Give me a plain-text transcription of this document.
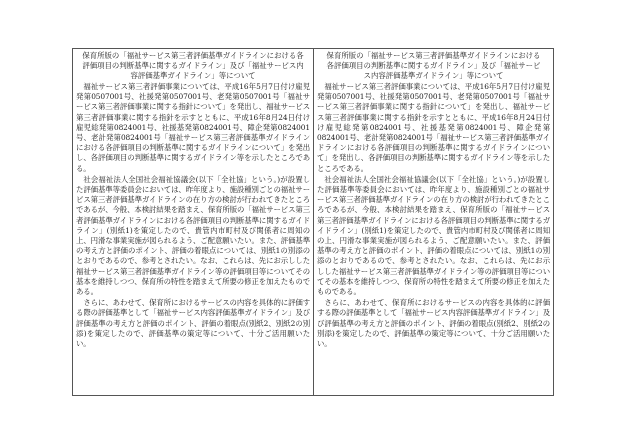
保育所版の「福祉サービス第三者評価基準ガイドラインにおける各評価項目の判断基準に関するガイドライン」及び「福祉サービス内容評価基準ガイドライン」等について

福祉サービス第三者評価事業については、平成16年5月7日付け雇児発第0507001号、社援発第0507001号、老発第0507001号「福祉サービス第三者評価事業に関する指針について」を発出し、福祉サービス第三者評価事業に関する指針を示すとともに、平成16年8月24日付け雇児総発第0824001号、社援基発第0824001号、障企発第0824001号、老計発第0824001号「福祉サービス第三者評価基準ガイドラインにおける各評価項目の判断基準に関するガイドラインについて」を発出し、各評価項目の判断基準に関するガイドライン等を示したところである。

社会福祉法人全国社会福祉協議会(以下「全社協」という。)が設置した評価基準等委員会においては、昨年度より、施設種別ごとの福祉サービス第三者評価基準ガイドラインの在り方の検討が行われてきたところであるが、今般、本検討結果を踏まえ、保育所版の「福祉サービス第三者評価基準ガイドラインにおける各評価項目の判断基準に関するガイドライン」(別紙1)を策定したので、貴管内市町村及び関係者に周知の上、円滑な事業実施が図られるよう、ご配意願いたい。また、評価基準の考え方と評価のポイント、評価の着眼点については、別紙1の別添のとおりであるので、参考とされたい。なお、これらは、先にお示しした福祉サービス第三者評価基準ガイドライン等の評価項目等についてその基本を維持しつつ、保育所の特性を踏まえて所要の修正を加えたものである。

さらに、あわせて、保育所におけるサービスの内容を具体的に評価する際の評価基準として「福祉サービス内容評価基準ガイドライン」及び評価基準の考え方と評価のポイント、評価の着眼点(別紙2、別紙2の別添)を策定したので、評価基準の策定等について、十分ご活用願いたい。

保育所版の「福祉サービス第三者評価基準ガイドラインにおける各評価項目の判断基準に関するガイドライン」及び「福祉サービス内容評価基準ガイドライン」等について

福祉サービス第三者評価事業については、平成16年5月7日付け雇児発第0507001号、社援発第0507001号、老発第0507001号「福祉サービス第三者評価事業に関する指針について」を発出し、福祉サービス第三者評価事業に関する指針を示すとともに、平成16年8月24日付け雇児総発第0824001号、社援基発第0824001号、障企発第0824001号、老計発第0824001号「福祉サービス第三者評価基準ガイドラインにおける各評価項目の判断基準に関するガイドラインについて」を発出し、各評価項目の判断基準に関するガイドライン等を示したところである。

社会福祉法人全国社会福祉協議会(以下「全社協」という。)が設置した評価基準等委員会においては、昨年度より、施設種別ごとの福祉サービス第三者評価基準ガイドラインの在り方の検討が行われてきたところであるが、今般、本検討結果を踏まえ、保育所版の「福祉サービス第三者評価基準ガイドラインにおける各評価項目の判断基準に関するガイドライン」(別紙1)を策定したので、貴管内市町村及び関係者に周知の上、円滑な事業実施が図られるよう、ご配意願いたい。また、評価基準の考え方と評価のポイント、評価の着眼点については、別紙1の別添のとおりであるので、参考とされたい。なお、これらは、先にお示しした福祉サービス第三者評価基準ガイドライン等の評価項目等についてその基本を維持しつつ、保育所の特性を踏まえて所要の修正を加えたものである。

さらに、あわせて、保育所におけるサービスの内容を具体的に評価する際の評価基準として「福祉サービス内容評価基準ガイドライン」及び評価基準の考え方と評価のポイント、評価の着眼点(別紙2、別紙2の別添)を策定したので、評価基準の策定等について、十分ご活用願いたい。
